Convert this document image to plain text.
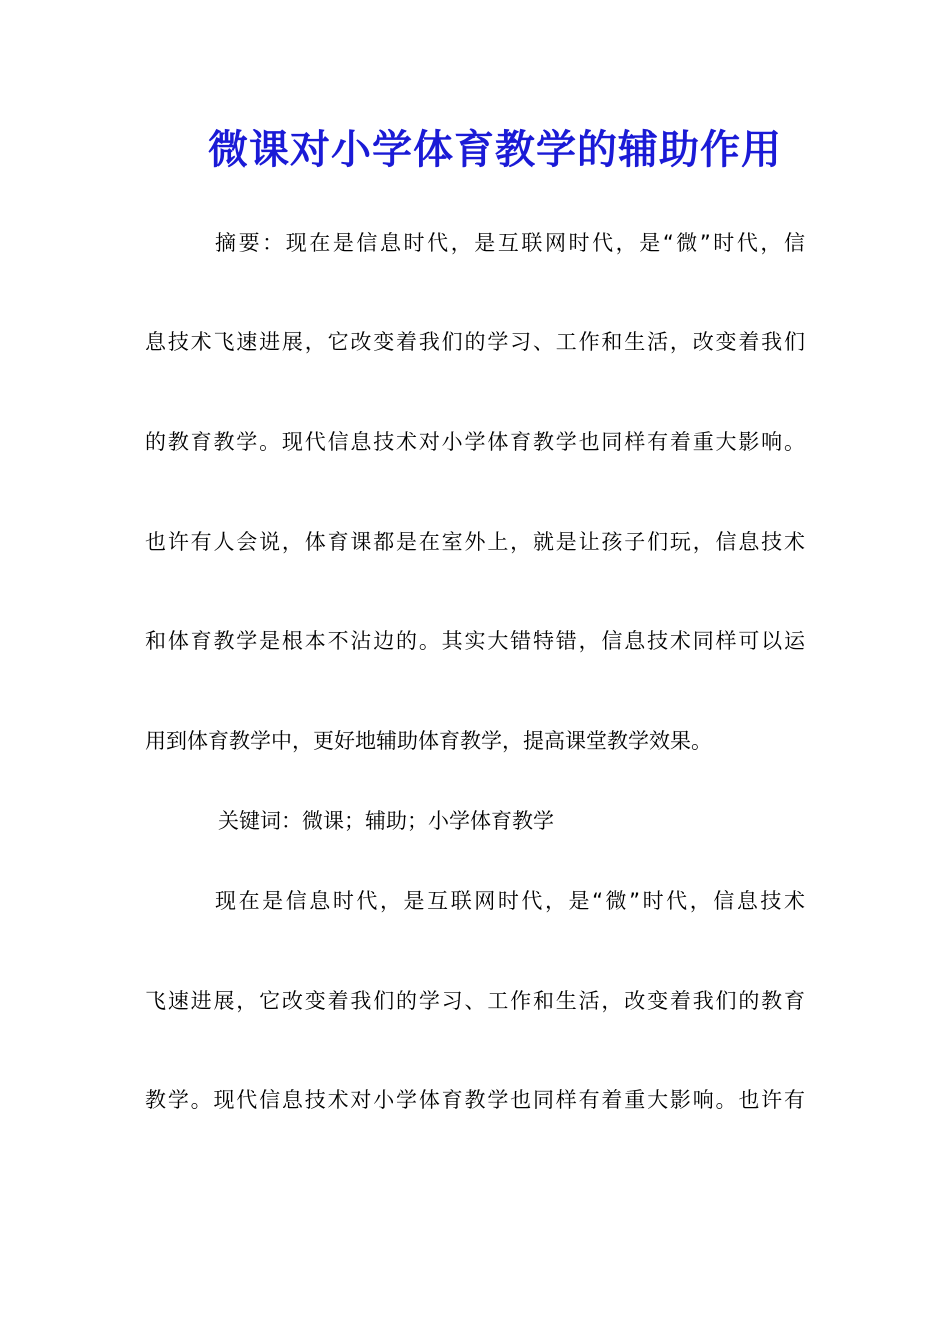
微课对小学体育教学的辅助作用
摘要：现在是信息时代，是互联网时代，是“微”时代，信
息技术飞速进展，它改变着我们的学习、工作和生活，改变着我们
的教育教学。现代信息技术对小学体育教学也同样有着重大影响。
也许有人会说，体育课都是在室外上，就是让孩子们玩，信息技术
和体育教学是根本不沾边的。其实大错特错，信息技术同样可以运
用到体育教学中，更好地辅助体育教学，提高课堂教学效果。
关键词：微课；辅助；小学体育教学
现在是信息时代，是互联网时代，是“微”时代，信息技术
飞速进展，它改变着我们的学习、工作和生活，改变着我们的教育
教学。现代信息技术对小学体育教学也同样有着重大影响。也许有
